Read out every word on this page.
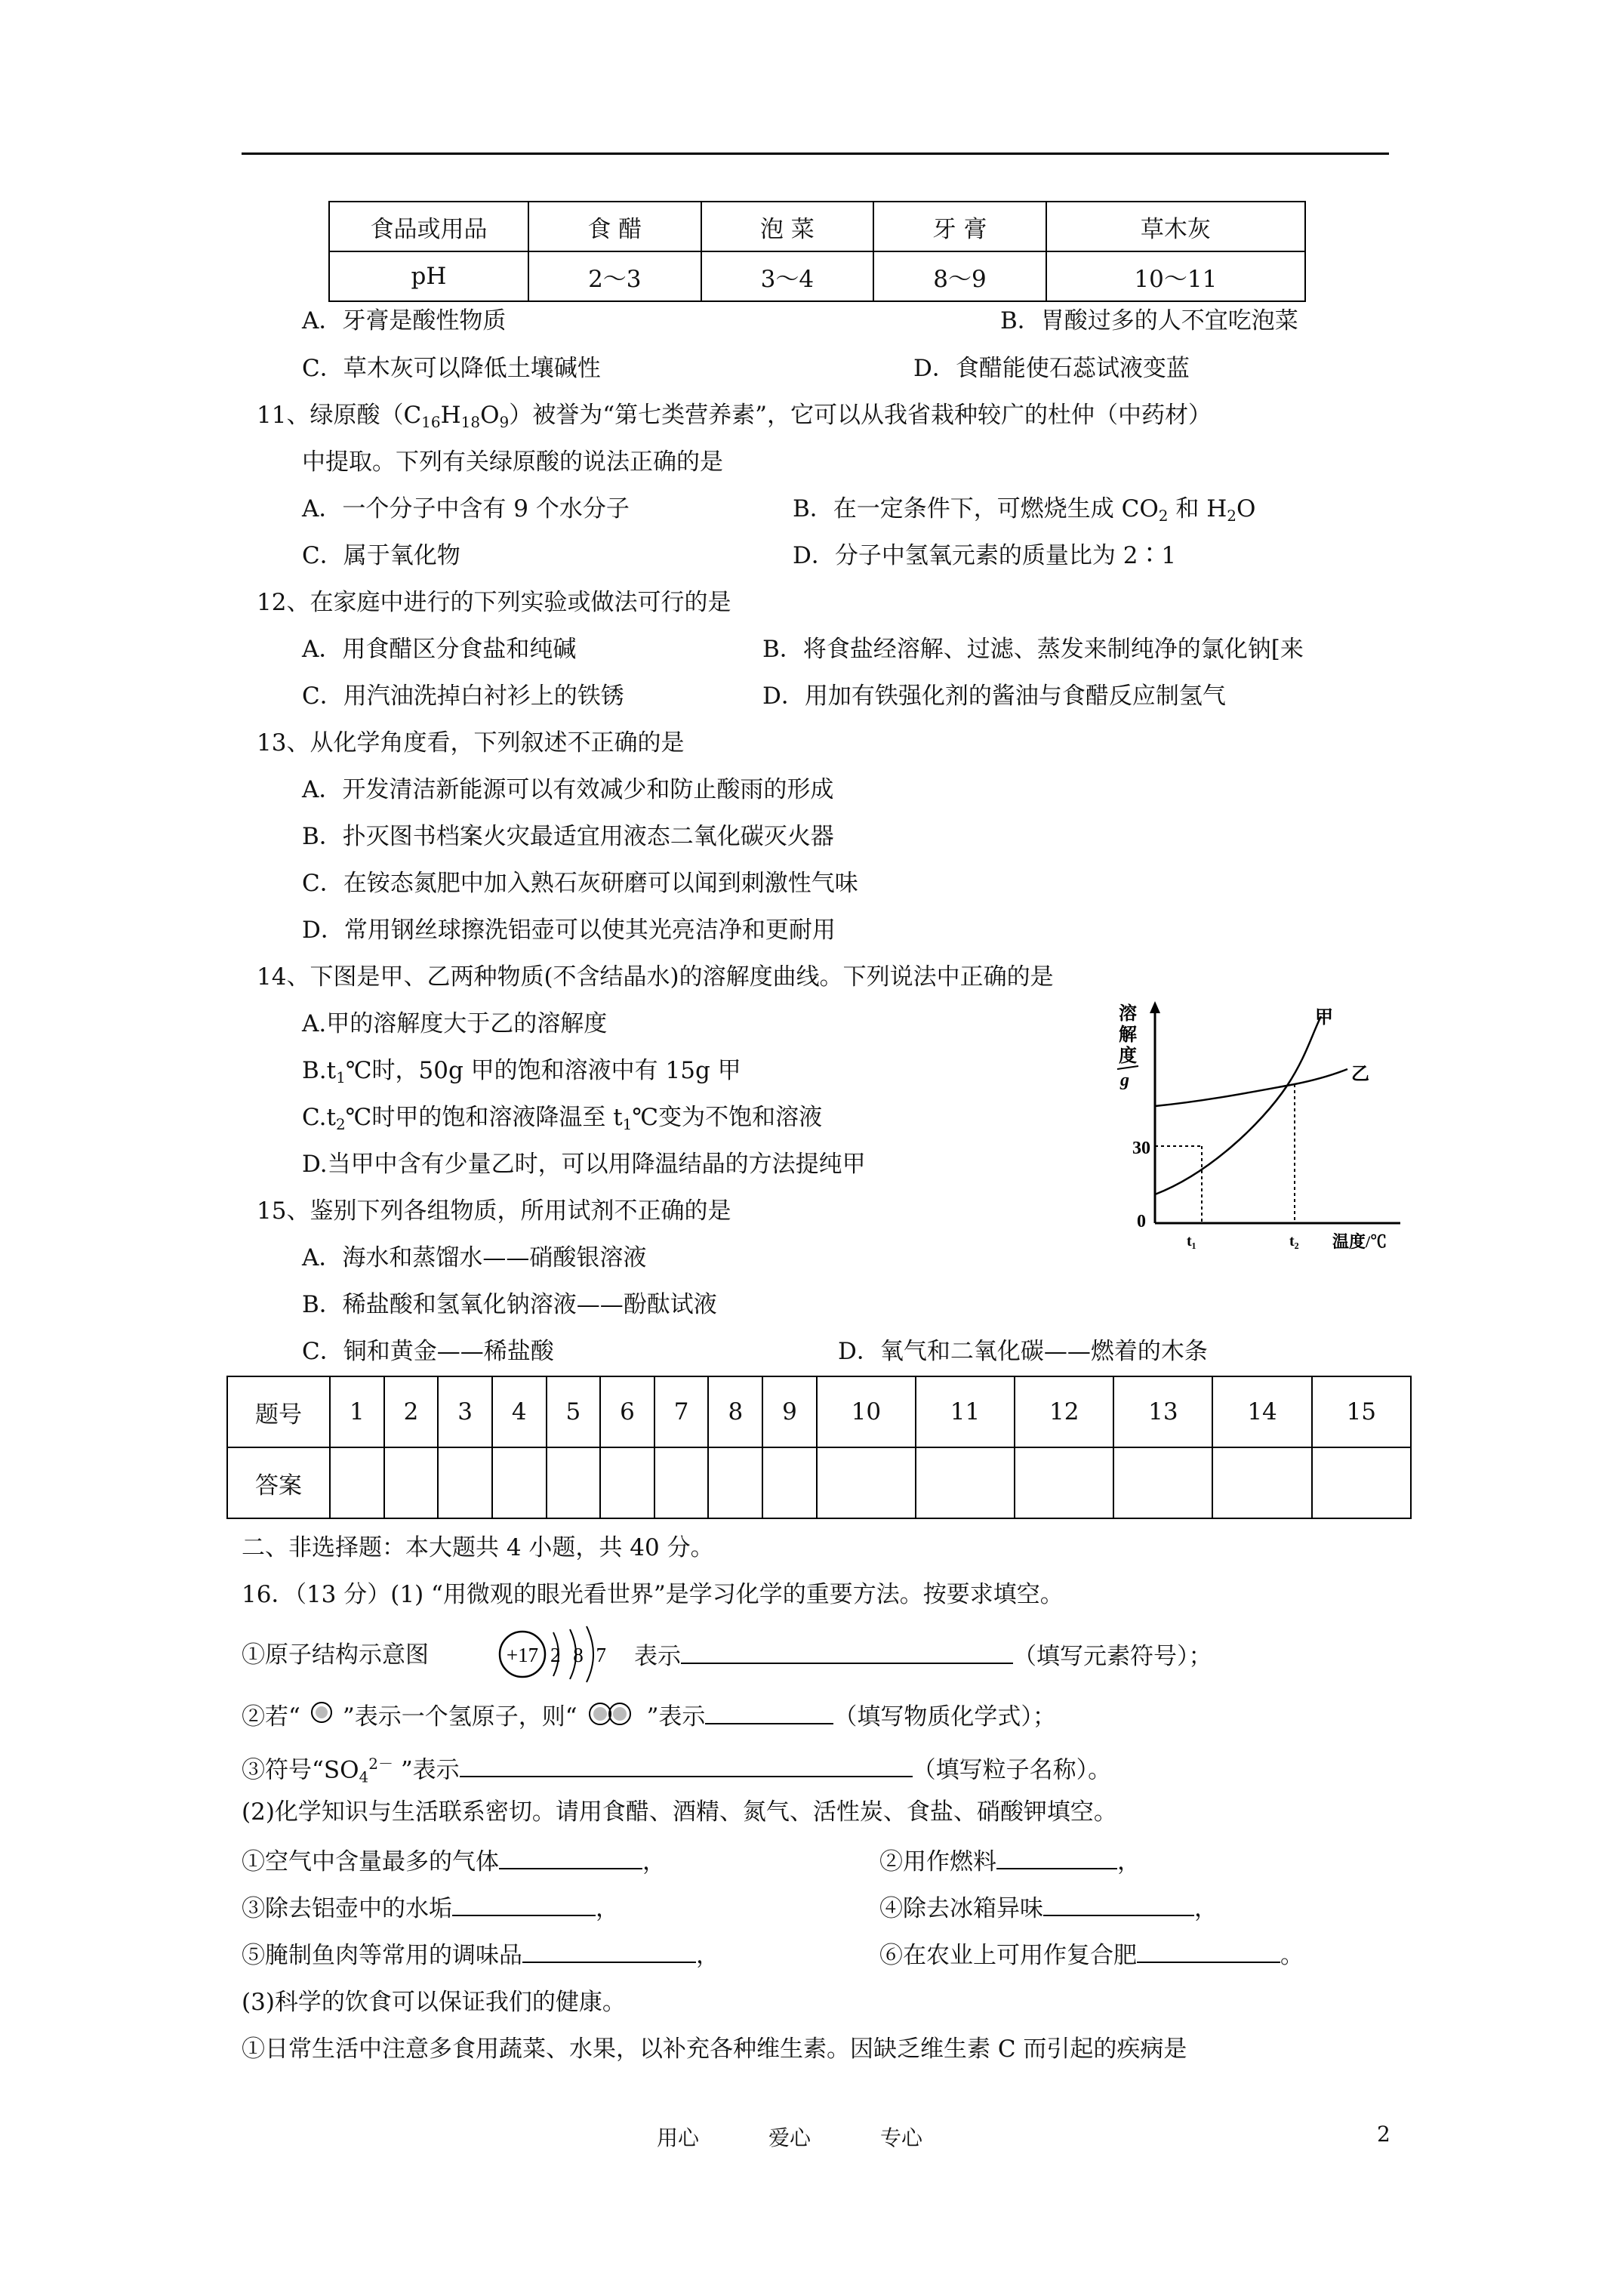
食品或用品	食 醋	泡 菜	牙 膏	草木灰
pH	2～3	3～4	8～9	10～11
A．牙膏是酸性物质	B．胃酸过多的人不宜吃泡菜
C．草木灰可以降低土壤碱性	D．食醋能使石蕊试液变蓝
11、绿原酸$(C_{16}H_{18}O_9)$被誉为“第七类营养素”，它可以从我省栽种较广的杜仲（中药材）
中提取。下列有关绿原酸的说法正确的是
A．一个分子中含有 9 个水分子	B．在一定条件下，可燃烧生成 $CO_2$ 和 $H_2O$
C．属于氧化物	D．分子中氢氧元素的质量比为 2∶1
12、在家庭中进行的下列实验或做法可行的是
A．用食醋区分食盐和纯碱	B．将食盐经溶解、过滤、蒸发来制纯净的氯化钠[来
C．用汽油洗掉白衬衫上的铁锈	D．用加有铁强化剂的酱油与食醋反应制氢气
13、从化学角度看，下列叙述不正确的是
A．开发清洁新能源可以有效减少和防止酸雨的形成
B．扑灭图书档案火灾最适宜用液态二氧化碳灭火器
C．在铵态氮肥中加入熟石灰研磨可以闻到刺激性气味
D．常用钢丝球擦洗铝壶可以使其光亮洁净和更耐用
14、下图是甲、乙两种物质(不含结晶水)的溶解度曲线。下列说法中正确的是
A.甲的溶解度大于乙的溶解度
$B.t_1℃$时，50g 甲的饱和溶液中有 15g 甲
$C.t_2℃$时甲的饱和溶液降温至 $t_1℃$变为不饱和溶液
D.当甲中含有少量乙时，可以用降温结晶的方法提纯甲
溶
解
度
g
30
0
t₁	t₂ 温度/℃
甲
乙
15、鉴别下列各组物质，所用试剂不正确的是
A．海水和蒸馏水——硝酸银溶液
B．稀盐酸和氢氧化钠溶液——酚酞试液
C．铜和黄金——稀盐酸	D．氧气和二氧化碳——燃着的木条
题号	1	2	3	4	5	6	7	8	9	10	11	12	13	14	15
答案															
二、非选择题：本大题共 4 小题，共 40 分。
16．（13 分）(1) “用微观的眼光看世界”是学习化学的重要方法。按要求填空。
①原子结构示意图	+17 2 8 7 表示	（填写元素符号）；
②若“ ”表示一个氢原子，则“	”表示	（填写物质化学式）；
③符号“$SO_4^{2-}$ ”表示	（填写粒子名称）。
(2)化学知识与生活联系密切。请用食醋、酒精、氮气、活性炭、食盐、硝酸钾填空。
①空气中含量最多的气体	，	②用作燃料	，
③除去铝壶中的水垢	，	④除去冰箱异味	，
⑤腌制鱼肉等常用的调味品	，	⑥在农业上可用作复合肥	。
(3)科学的饮食可以保证我们的健康。
①日常生活中注意多食用蔬菜、水果，以补充各种维生素。因缺乏维生素 C 而引起的疾病是
用心	爱心	专心	2
